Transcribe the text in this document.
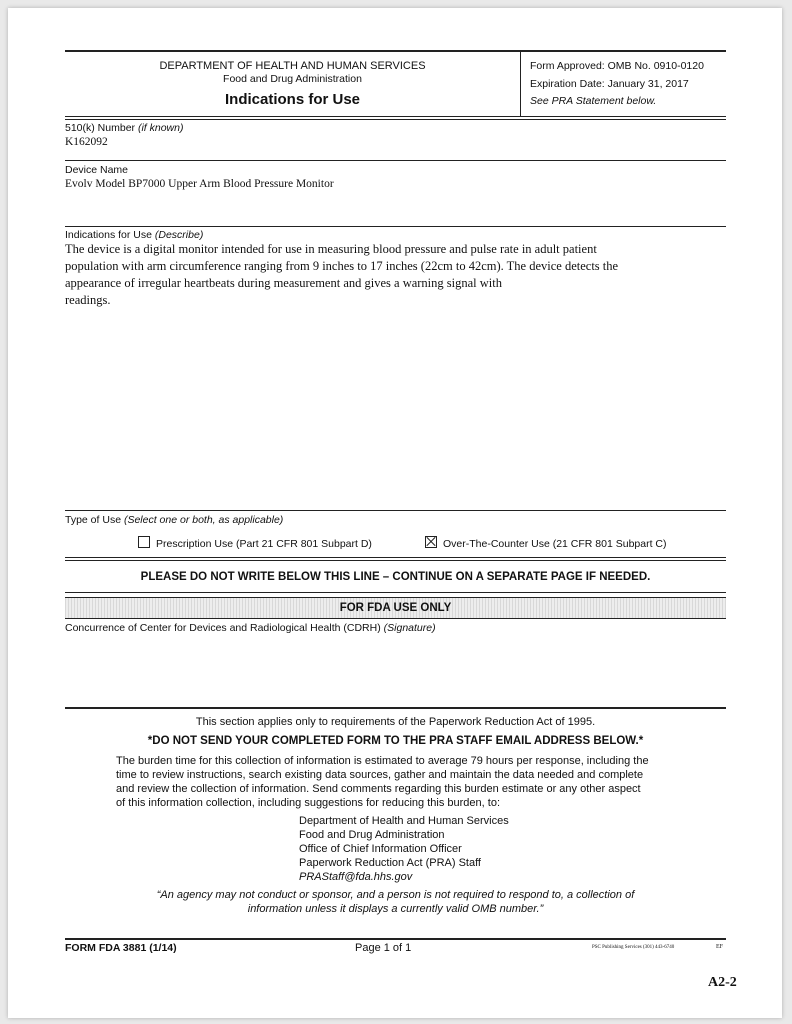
DEPARTMENT OF HEALTH AND HUMAN SERVICES
Food and Drug Administration
Indications for Use
Form Approved: OMB No. 0910-0120
Expiration Date: January 31, 2017
See PRA Statement below.
510(k) Number (if known)
K162092
Device Name
Evolv Model BP7000 Upper Arm Blood Pressure Monitor
Indications for Use (Describe)
The device is a digital monitor intended for use in measuring blood pressure and pulse rate in adult patient
population with arm circumference ranging from 9 inches to 17 inches (22cm to 42cm). The device detects the
appearance of irregular heartbeats during measurement and gives a warning signal with
readings.
Type of Use (Select one or both, as applicable)
Prescription Use (Part 21 CFR 801 Subpart D)	Over-The-Counter Use (21 CFR 801 Subpart C)
PLEASE DO NOT WRITE BELOW THIS LINE – CONTINUE ON A SEPARATE PAGE IF NEEDED.
FOR FDA USE ONLY
Concurrence of Center for Devices and Radiological Health (CDRH) (Signature)
This section applies only to requirements of the Paperwork Reduction Act of 1995.
*DO NOT SEND YOUR COMPLETED FORM TO THE PRA STAFF EMAIL ADDRESS BELOW.*
The burden time for this collection of information is estimated to average 79 hours per response, including the
time to review instructions, search existing data sources, gather and maintain the data needed and complete
and review the collection of information. Send comments regarding this burden estimate or any other aspect
of this information collection, including suggestions for reducing this burden, to:
Department of Health and Human Services
Food and Drug Administration
Office of Chief Information Officer
Paperwork Reduction Act (PRA) Staff
PRAStaff@fda.hhs.gov
“An agency may not conduct or sponsor, and a person is not required to respond to, a collection of
information unless it displays a currently valid OMB number.”
FORM FDA 3881 (1/14)	Page 1 of 1	PSC Publishing Services (301) 443-6740	EF
A2-2
